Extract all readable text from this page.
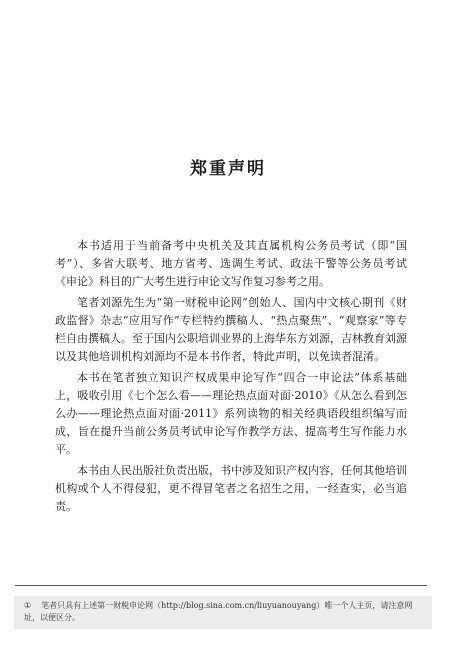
郑重声明

本书适用于当前备考中央机关及其直属机构公务员考试（即“国考”）、多省大联考、地方省考、选调生考试、政法干警等公务员考试《申论》科目的广大考生进行申论文写作复习参考之用。

笔者刘源先生为“第一财税申论网”创始人、国内中文核心期刊《财政监督》杂志“应用写作”专栏特约撰稿人、“热点聚焦”、“观察家”等专栏自由撰稿人。至于国内公职培训业界的上海华东方刘源，吉林教育刘源以及其他培训机构刘源均不是本书作者，特此声明，以免读者混淆。

本书在笔者独立知识产权成果申论写作“四合一申论法”体系基础上，吸收引用《七个怎么看——理论热点面对面·2010》《从怎么看到怎么办——理论热点面对面·2011》系列读物的相关经典语段组织编写而成，旨在提升当前公务员考试申论写作教学方法、提高考生写作能力水平。

本书由人民出版社负责出版，书中涉及知识产权内容，任何其他培训机构或个人不得侵犯，更不得冒笔者之名招生之用，一经查实，必当追责。

① 笔者只具有上述第一财税申论网（http://blog.sina.com.cn/liuyuanouyang）唯一个人主页，请注意网址，以便区分。
